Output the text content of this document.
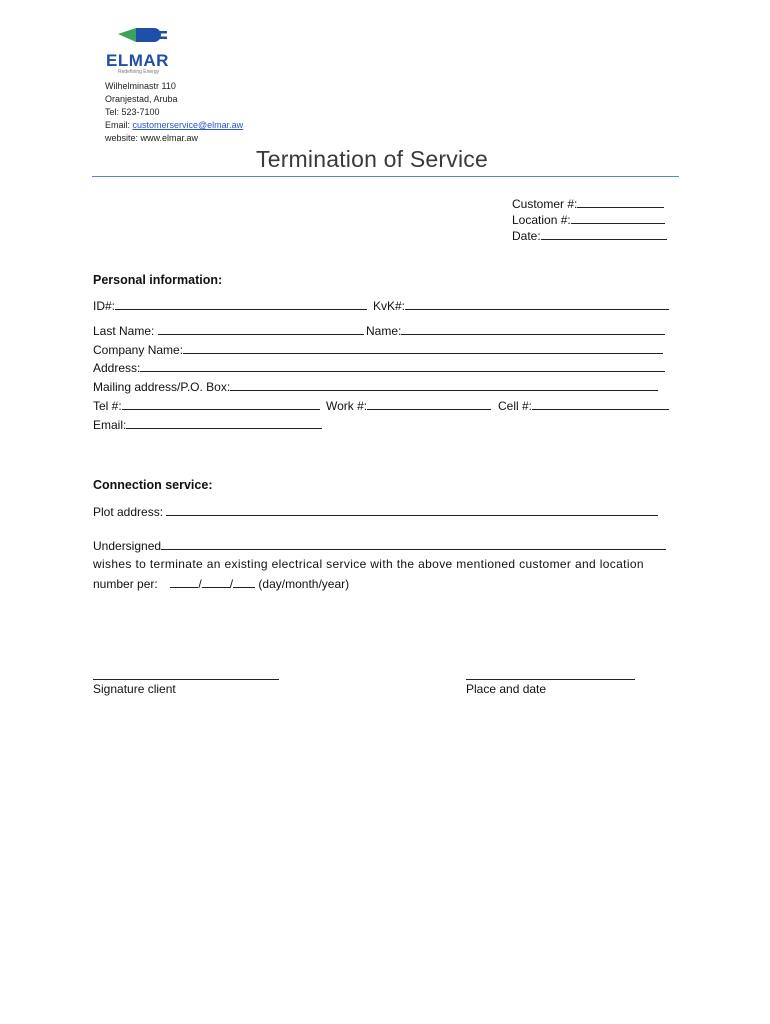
ELMAR
Redefining Energy
Wilhelminastr 110
Oranjestad, Aruba
Tel: 523-7100
Email: customerservice@elmar.aw
website: www.elmar.aw
Termination of Service
Customer #:
Location #:
Date:
Personal information:
ID#:	KvK#:
Last Name:	Name:
Company Name:
Address:
Mailing address/P.O. Box:
Tel #:	Work #:	Cell #:
Email:
Connection service:
Plot address:
Undersigned
wishes to terminate an existing electrical service with the above mentioned customer and location
number per:	/ / (day/month/year)
Signature client	Place and date
